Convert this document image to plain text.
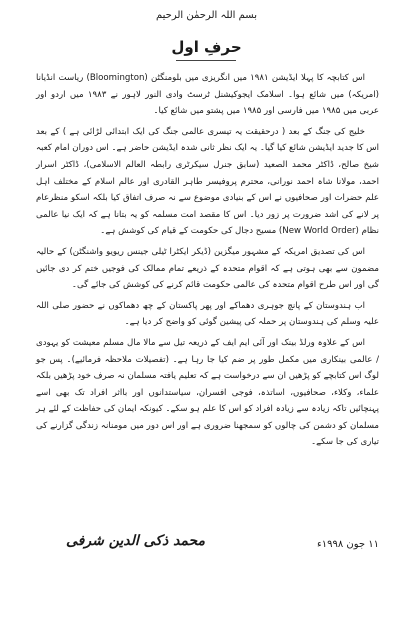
بسم اللہ الرحمٰن الرحیم
حرفِ اول

اس کتابچہ کا پہلا ایڈیشن ۱۹۸۱ میں انگریزی میں بلومنگٹن (Bloomington) ریاست انڈیانا (امریکہ) میں شائع ہوا۔ اسلامک ایجوکیشنل ٹرسٹ وادی النور لاہور نے ۱۹۸۳ میں اردو اور عربی میں ۱۹۸۵ میں فارسی اور ۱۹۸۵ میں پشتو میں شائع کیا۔

خلیج کی جنگ کے بعد ( درحقیقت یہ تیسری عالمی جنگ کی ایک ابتدائی لڑائی ہے ) کے بعد اس کا جدید ایڈیشن شائع کیا گیا۔ یہ ایک نظر ثانی شدہ ایڈیشن حاضر ہے۔ اس دوران امام کعبہ شیخ صالح، ڈاکٹر محمد الصعید (سابق جنرل سیکرٹری رابطہ العالم الاسلامی)، ڈاکٹر اسرار احمد، مولانا شاہ احمد نورانی، محترم پروفیسر طاہر القادری اور عالم اسلام کے مختلف اہل علم حضرات اور صحافیوں نے اس کے بنیادی موضوع سے نہ صرف اتفاق کیا بلکہ اسکو منظرعام پر لانے کی اشد ضرورت پر زور دیا۔ اس کا مقصد امت مسلمہ کو یہ بتانا ہے کہ ایک نیا عالمی نظام (New World Order) مسیح دجال کی حکومت کے قیام کی کوشش ہے۔

اس کی تصدیق امریکہ کے مشہور میگزین (ڈیکر ایکٹرا ٹیلی جینس ریویو واشنگٹن) کے حالیہ مضمون سے بھی ہوتی ہے کہ اقوام متحدہ کے ذریعے تمام ممالک کی فوجیں ختم کر دی جائیں گی اور اس طرح اقوام متحدہ کی عالمی حکومت قائم کرنے کی کوشش کی جائے گی۔

اب ہندوستان کے پانچ جوہری دھماکے اور پھر پاکستان کے چھ دھماکوں نے حضور صلی اللہ علیہ وسلم کی ہندوستان پر حملہ کی پیشین گوئی کو واضح کر دیا ہے۔

اس کے علاوہ ورلڈ بینک اور آئی ایم ایف کے ذریعہ تیل سے مالا مال مسلم معیشت کو یہودی / عالمی بینکاری میں مکمل طور پر ضم کیا جا رہا ہے۔ (تفصیلات ملاحظہ فرمائیے)۔ پس جو لوگ اس کتابچے کو پڑھیں ان سے درخواست ہے کہ تعلیم یافتہ مسلمان نہ صرف خود پڑھیں بلکہ علماء، وکلاء، صحافیوں، اساتذہ، فوجی افسران، سیاستدانوں اور بااثر افراد تک بھی اسے پہنچائیں تاکہ زیادہ سے زیادہ افراد کو اس کا علم ہو سکے۔ کیونکہ ایمان کی حفاظت کے لئے ہر مسلمان کو دشمن کی چالوں کو سمجھنا ضروری ہے اور اس دور میں مومنانہ زندگی گزارنے کی تیاری کی جا سکے۔

۱۱ جون ۱۹۹۸ء
محمد ذکی الدین شرفی
